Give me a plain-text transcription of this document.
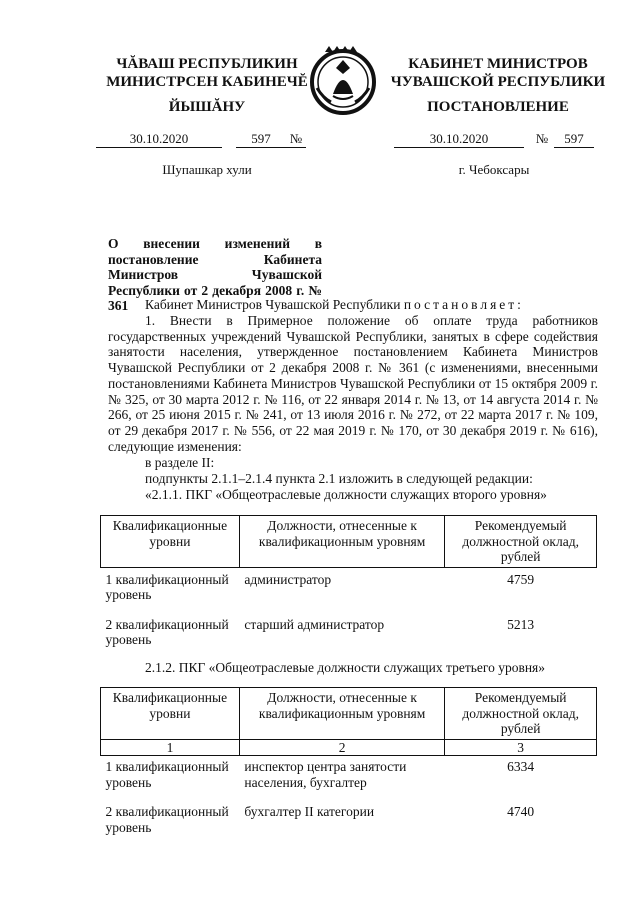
ЧĂВАШ РЕСПУБЛИКИН
МИНИСТРСЕН КАБИНЕЧĔ
ЙЫШĂНУ
КАБИНЕТ МИНИСТРОВ
ЧУВАШСКОЙ РЕСПУБЛИКИ
ПОСТАНОВЛЕНИЕ
30.10.2020	597 №	30.10.2020	№ 597
Шупашкар хули	г. Чебоксары
О внесении изменений в постановление Кабинета Министров Чувашской Республики от 2 декабря 2008 г. № 361	Кабинет Министров Чувашской Республики постановляет:
1. Внести в Примерное положение об оплате труда работников государственных учреждений Чувашской Республики, занятых в сфере содействия занятости населения, утвержденное постановлением Кабинета Министров Чувашской Республики от 2 декабря 2008 г. № 361 (с изменениями, внесенными постановлениями Кабинета Министров Чувашской Республики от 15 октября 2009 г. № 325, от 30 марта 2012 г. № 116, от 22 января 2014 г. № 13, от 14 августа 2014 г. № 266, от 25 июня 2015 г. № 241, от 13 июля 2016 г. № 272, от 22 марта 2017 г. № 109, от 29 декабря 2017 г. № 556, от 22 мая 2019 г. № 170, от 30 декабря 2019 г. № 616), следующие изменения:
в разделе II:
подпункты 2.1.1–2.1.4 пункта 2.1 изложить в следующей редакции:
«2.1.1. ПКГ «Общеотраслевые должности служащих второго уровня»
Квалификационные уровни	Должности, отнесенные к квалификационным уровням	Рекомендуемый должностной оклад, рублей
1 квалификационный уровень	администратор	4759
2 квалификационный уровень	старший администратор	5213
2.1.2. ПКГ «Общеотраслевые должности служащих третьего уровня»
Квалификационные уровни	Должности, отнесенные к квалификационным уровням	Рекомендуемый должностной оклад, рублей
1	2	3
1 квалификационный уровень	инспектор центра занятости населения, бухгалтер	6334
2 квалификационный уровень	бухгалтер II категории	4740
